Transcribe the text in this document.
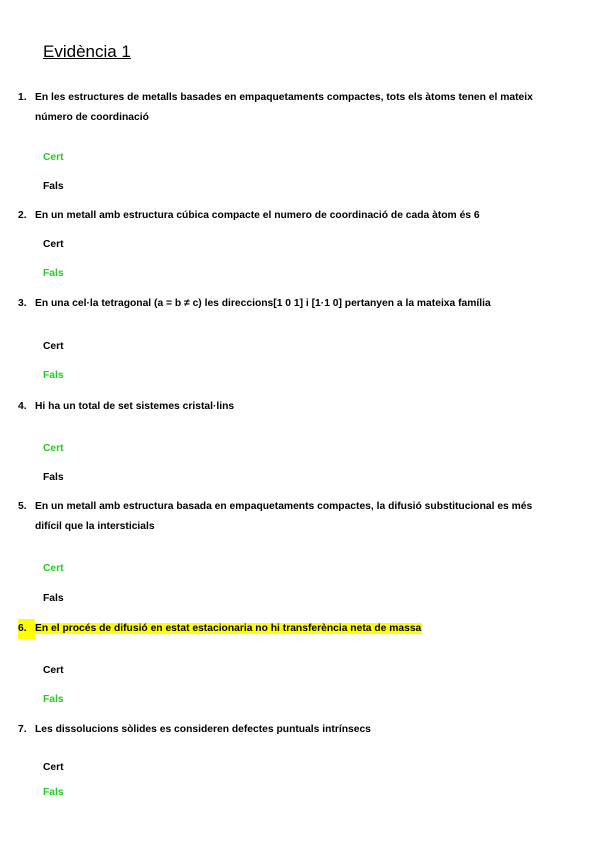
Evidència 1
1. En les estructures de metalls basades en empaquetaments compactes, tots els àtoms tenen el mateix número de coordinació
Cert
Fals
2. En un metall amb estructura cúbica compacte el numero de coordinació de cada àtom és 6
Cert
Fals
3. En una cel·la tetragonal (a = b ≠ c) les direccions[1 0 1] i [1·1 0] pertanyen a la mateixa família
Cert
Fals
4. Hi ha un total de set sistemes cristal·lins
Cert
Fals
5. En un metall amb estructura basada en empaquetaments compactes, la difusió substitucional es més difícil que la intersticials
Cert
Fals
6. En el procés de difusió en estat estacionaria no hi transferència neta de massa
Cert
Fals
7. Les dissolucions sòlides es consideren defectes puntuals intrínsecs
Cert
Fals
